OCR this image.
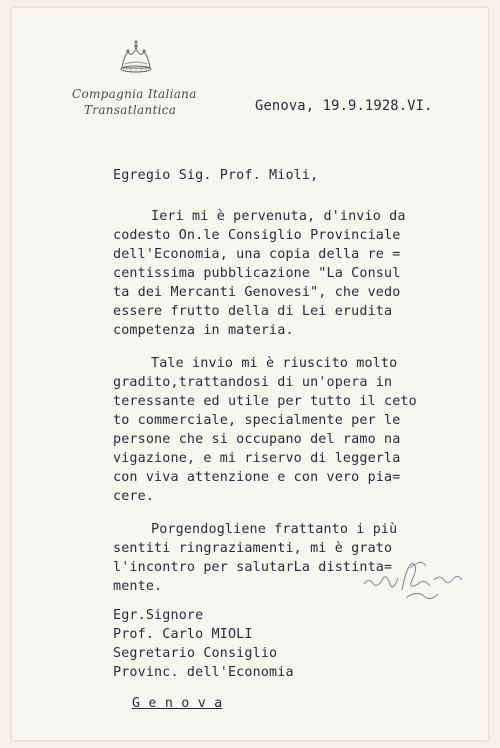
Compagnia Italiana
Transatlantica	Genova, 19.9.1928.VI.
Egregio Sig. Prof. Mioli,
Ieri mi è pervenuta, d'invio da
codesto On.le Consiglio Provinciale
dell'Economia, una copia della re =
centissima pubblicazione "La Consul
ta dei Mercanti Genovesi", che vedo
essere frutto della di Lei erudita
competenza in materia.
Tale invio mi è riuscito molto
gradito,trattandosi di un'opera in
teressante ed utile per tutto il ceto
to commerciale, specialmente per le
persone che si occupano del ramo na
vigazione, e mi riservo di leggerla
con viva attenzione e con vero pia=
cere.
Porgendogliene frattanto i più
sentiti ringraziamenti, mi è grato
l'incontro per salutarLa distinta=
mente.
Egr.Signore
Prof. Carlo MIOLI
Segretario Consiglio
Provinc. dell'Economia
G e n o v a
